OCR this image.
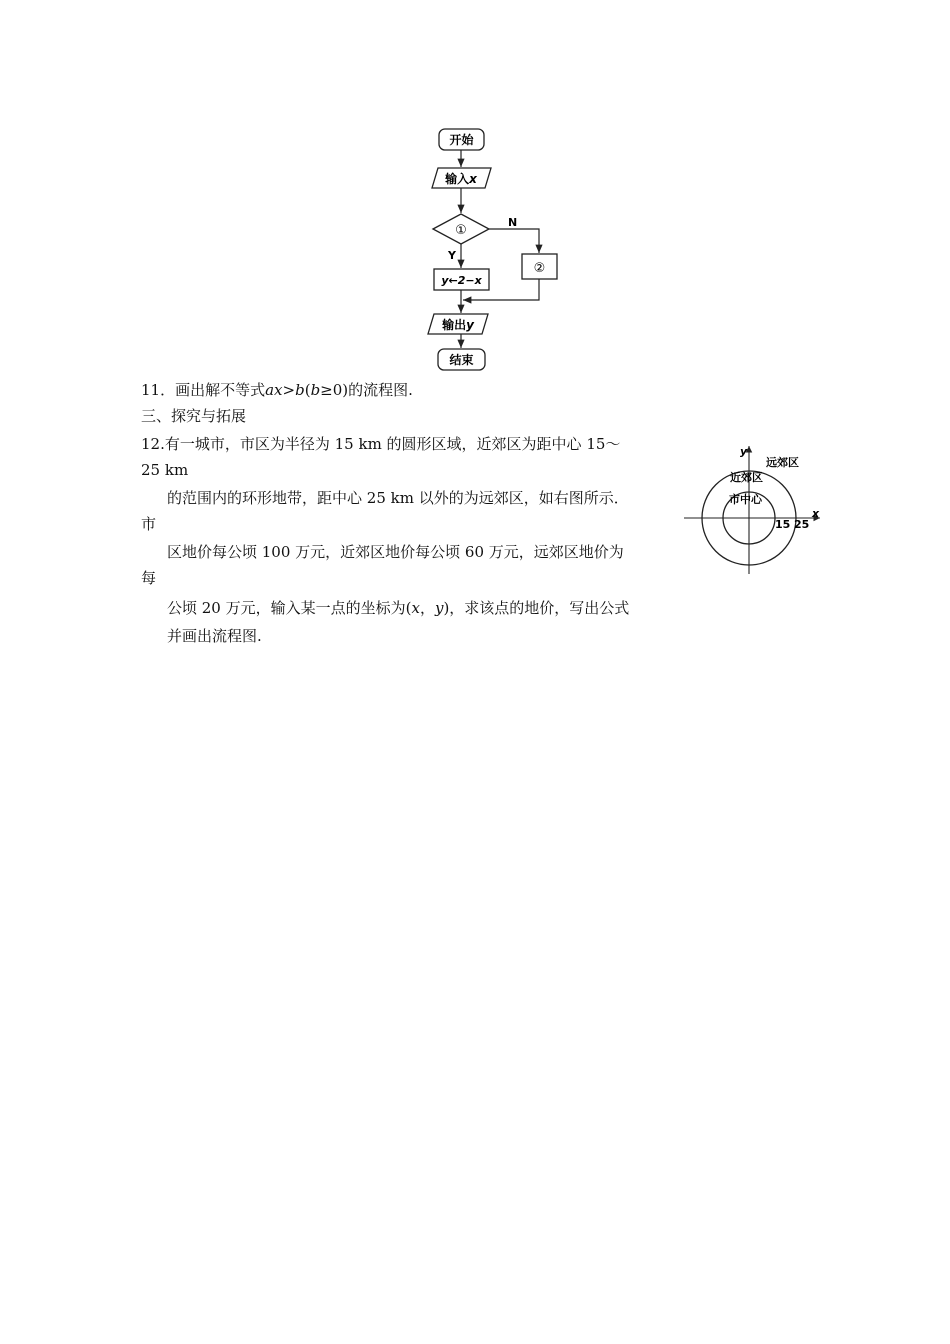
开始
输入x
①
N
②
Y
y←2−x
输出y
结束
11．画出解不等式ax>b(b≥0)的流程图.
三、探究与拓展
12.有一城市，市区为半径为 15 km 的圆形区域，近郊区为距中心 15～
25 km
的范围内的环形地带，距中心 25 km 以外的为远郊区，如右图所示．
市
区地价每公顷 100 万元，近郊区地价每公顷 60 万元，远郊区地价为
每
公顷 20 万元，输入某一点的坐标为(x，y)，求该点的地价，写出公式
并画出流程图.
y
x
远郊区
近郊区
市中心
15 25
